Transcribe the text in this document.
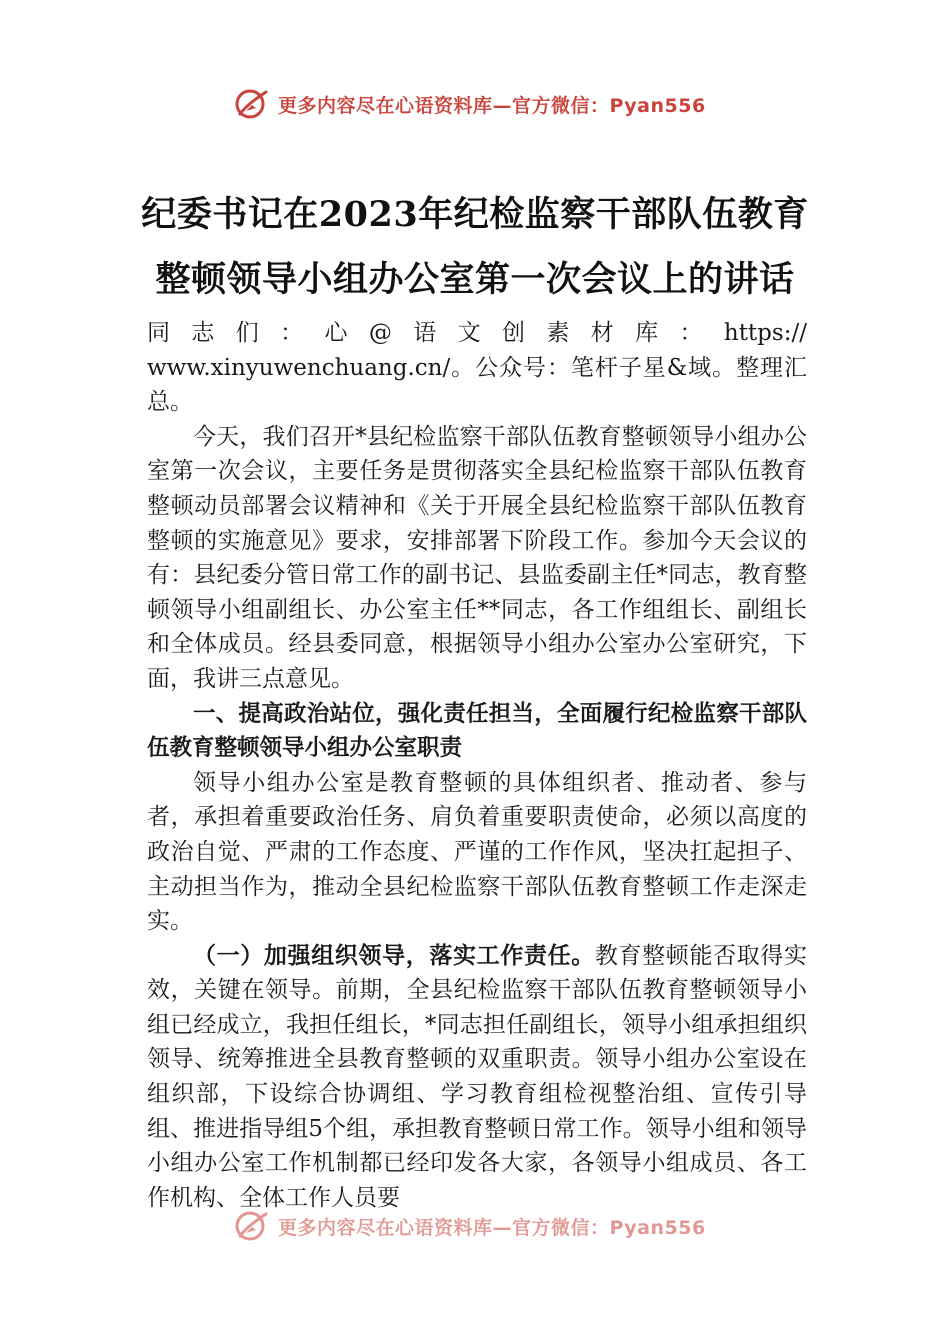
更多内容尽在心语资料库—官方微信：Pyan556
纪委书记在2023年纪检监察干部队伍教育
整顿领导小组办公室第一次会议上的讲话
同 志 们 ： 心 @ 语 文 创 素 材 库 ： https://

www.xinyuwenchuang.cn/。公众号：笔杆子星&域。整理汇总。

今天，我们召开*县纪检监察干部队伍教育整顿领导小组办公室第一次会议，主要任务是贯彻落实全县纪检监察干部队伍教育整顿动员部署会议精神和《关于开展全县纪检监察干部队伍教育整顿的实施意见》要求，安排部署下阶段工作。参加今天会议的有：县纪委分管日常工作的副书记、县监委副主任*同志，教育整顿领导小组副组长、办公室主任**同志，各工作组组长、副组长和全体成员。经县委同意，根据领导小组办公室办公室研究，下面，我讲三点意见。

一、提高政治站位，强化责任担当，全面履行纪检监察干部队伍教育整顿领导小组办公室职责

领导小组办公室是教育整顿的具体组织者、推动者、参与者，承担着重要政治任务、肩负着重要职责使命，必须以高度的政治自觉、严肃的工作态度、严谨的工作作风，坚决扛起担子、主动担当作为，推动全县纪检监察干部队伍教育整顿工作走深走实。

（一）加强组织领导，落实工作责任。教育整顿能否取得实效，关键在领导。前期，全县纪检监察干部队伍教育整顿领导小组已经成立，我担任组长，*同志担任副组长，领导小组承担组织领导、统筹推进全县教育整顿的双重职责。领导小组办公室设在组织部，下设综合协调组、学习教育组检视整治组、宣传引导组、推进指导组5个组，承担教育整顿日常工作。领导小组和领导小组办公室工作机制都已经印发各大家，各领导小组成员、各工作机构、全体工作人员要

更多内容尽在心语资料库—官方微信：Pyan556
